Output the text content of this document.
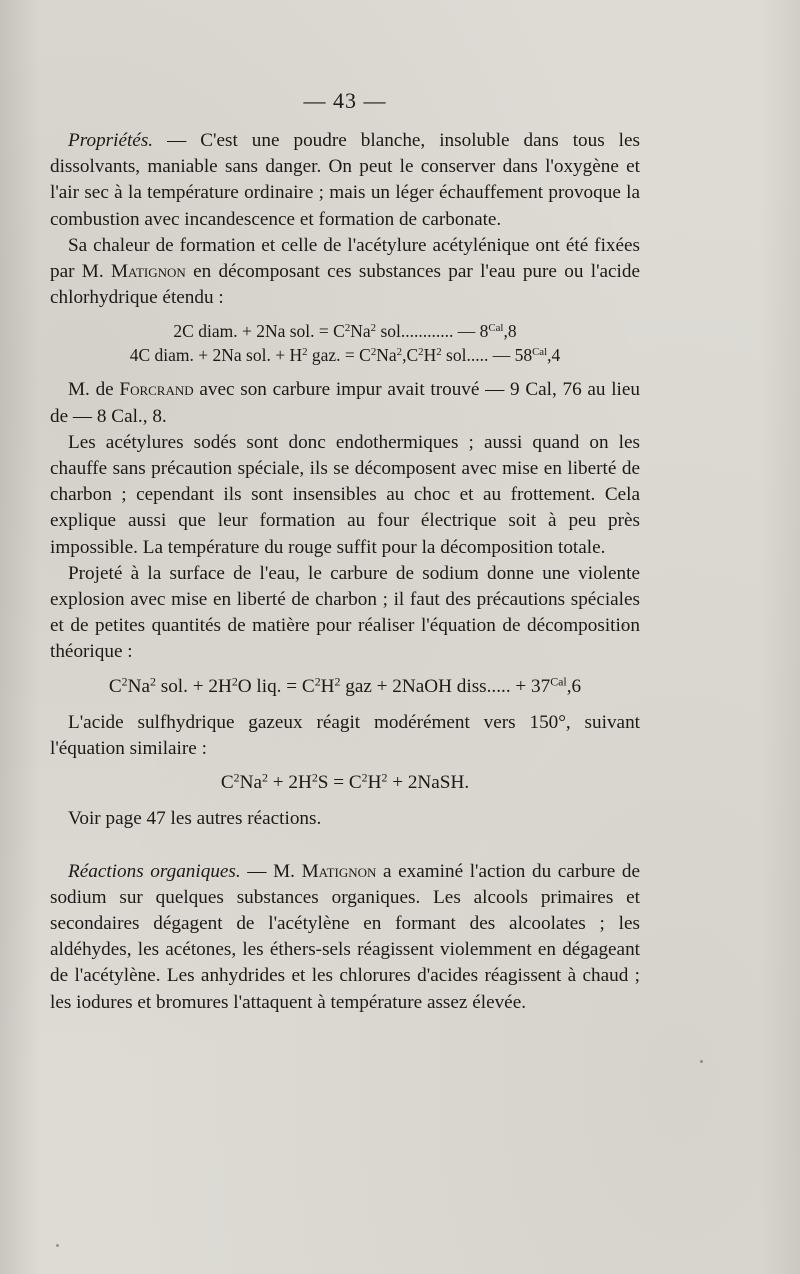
— 43 —

Propriétés. — C'est une poudre blanche, insoluble dans tous les dissolvants, maniable sans danger. On peut le conserver dans l'oxygène et l'air sec à la température ordinaire ; mais un léger échauffement provoque la combustion avec incandescence et formation de carbonate.

Sa chaleur de formation et celle de l'acétylure acétylénique ont été fixées par M. Matignon en décomposant ces substances par l'eau pure ou l'acide chlorhydrique étendu :

2C diam. + 2Na sol. = $C^2Na^2$ sol............ — $8^{Cal},8$
4C diam. + 2Na sol. + $H^2$ gaz. = $C^2Na^2,C^2H^2$ sol..... — $58^{Cal},4$

M. de Forcrand avec son carbure impur avait trouvé — 9 Cal, 76 au lieu de — 8 Cal., 8.

Les acétylures sodés sont donc endothermiques ; aussi quand on les chauffe sans précaution spéciale, ils se décomposent avec mise en liberté de charbon ; cependant ils sont insensibles au choc et au frottement. Cela explique aussi que leur formation au four électrique soit à peu près impossible. La température du rouge suffit pour la décomposition totale.

Projeté à la surface de l'eau, le carbure de sodium donne une violente explosion avec mise en liberté de charbon ; il faut des précautions spéciales et de petites quantités de matière pour réaliser l'équation de décomposition théorique :

$C^2Na^2$ sol. + $2H^2O$ liq. = $C^2H^2$ gaz + 2NaOH diss..... + $37^{Cal},6$

L'acide sulfhydrique gazeux réagit modérément vers 150°, suivant l'équation similaire :

$C^2Na^2 + 2H^2S = C^2H^2$ + 2NaSH.

Voir page 47 les autres réactions.

Réactions organiques. — M. Matignon a examiné l'action du carbure de sodium sur quelques substances organiques. Les alcools primaires et secondaires dégagent de l'acétylène en formant des alcoolates ; les aldéhydes, les acétones, les éthers-sels réagissent violemment en dégageant de l'acétylène. Les anhydrides et les chlorures d'acides réagissent à chaud ; les iodures et bromures l'attaquent à température assez élevée.
